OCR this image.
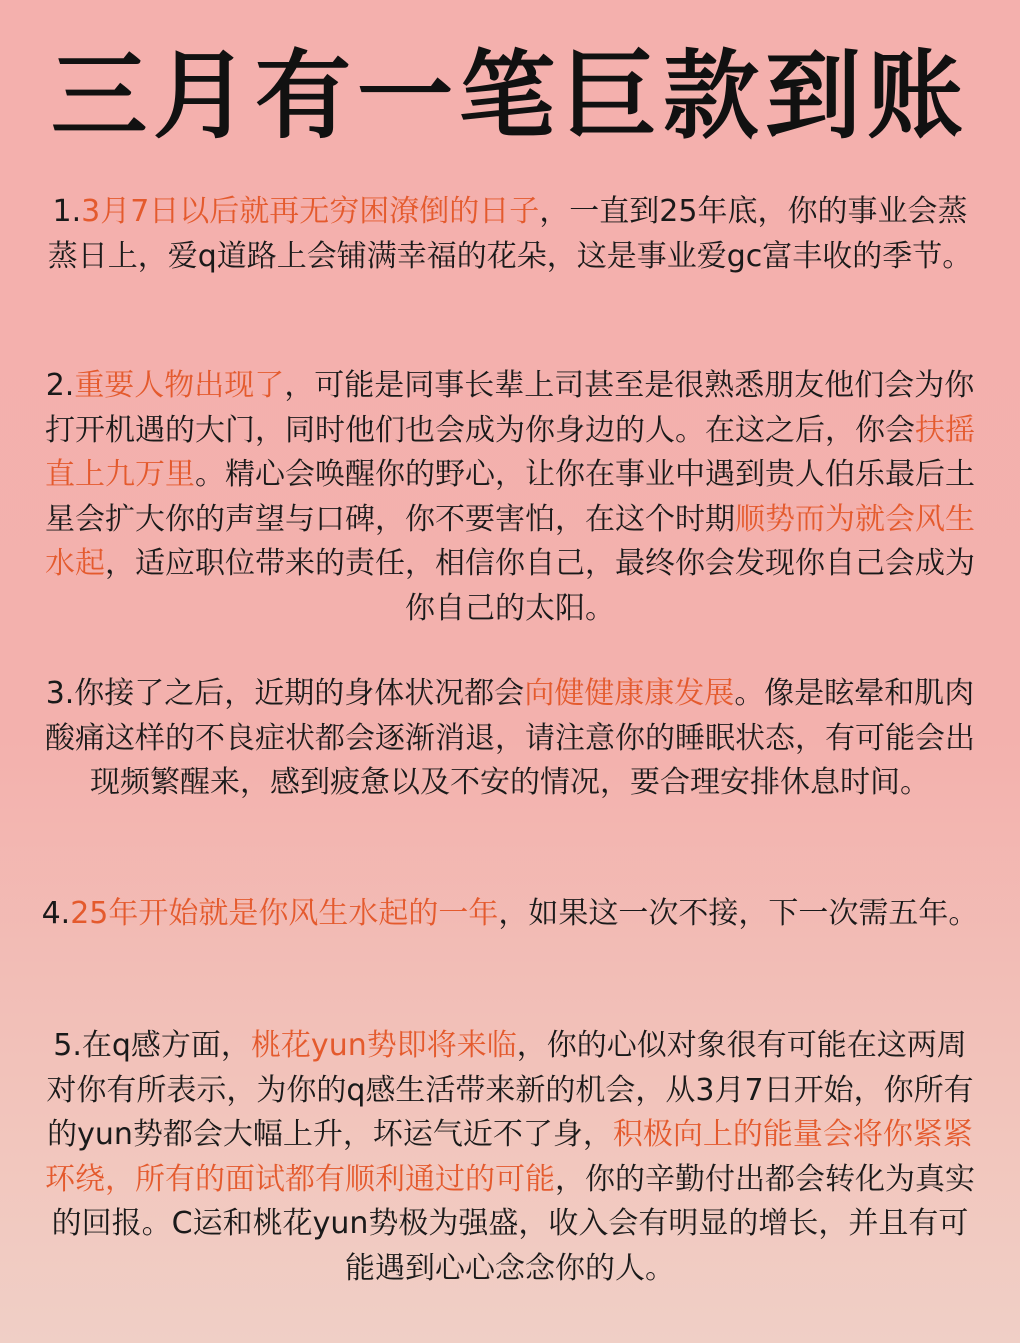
三月有一笔巨款到账

1.3月7日以后就再无穷困潦倒的日子，一直到25年底，你的事业会蒸蒸日上，爱q道路上会铺满幸福的花朵，这是事业爱gc富丰收的季节。

2.重要人物出现了，可能是同事长辈上司甚至是很熟悉朋友他们会为你打开机遇的大门，同时他们也会成为你身边的人。在这之后，你会扶摇直上九万里。精心会唤醒你的野心，让你在事业中遇到贵人伯乐最后土星会扩大你的声望与口碑，你不要害怕，在这个时期顺势而为就会风生水起，适应职位带来的责任，相信你自己，最终你会发现你自己会成为你自己的太阳。

3.你接了之后，近期的身体状况都会向健健康康发展。像是眩晕和肌肉酸痛这样的不良症状都会逐渐消退，请注意你的睡眠状态，有可能会出现频繁醒来，感到疲惫以及不安的情况，要合理安排休息时间。

4.25年开始就是你风生水起的一年，如果这一次不接，下一次需五年。

5.在q感方面，桃花yun势即将来临，你的心似对象很有可能在这两周对你有所表示，为你的q感生活带来新的机会，从3月7日开始，你所有的yun势都会大幅上升，坏运气近不了身，积极向上的能量会将你紧紧环绕，所有的面试都有顺利通过的可能，你的辛勤付出都会转化为真实的回报。C运和桃花yun势极为强盛，收入会有明显的增长，并且有可能遇到心心念念你的人。
